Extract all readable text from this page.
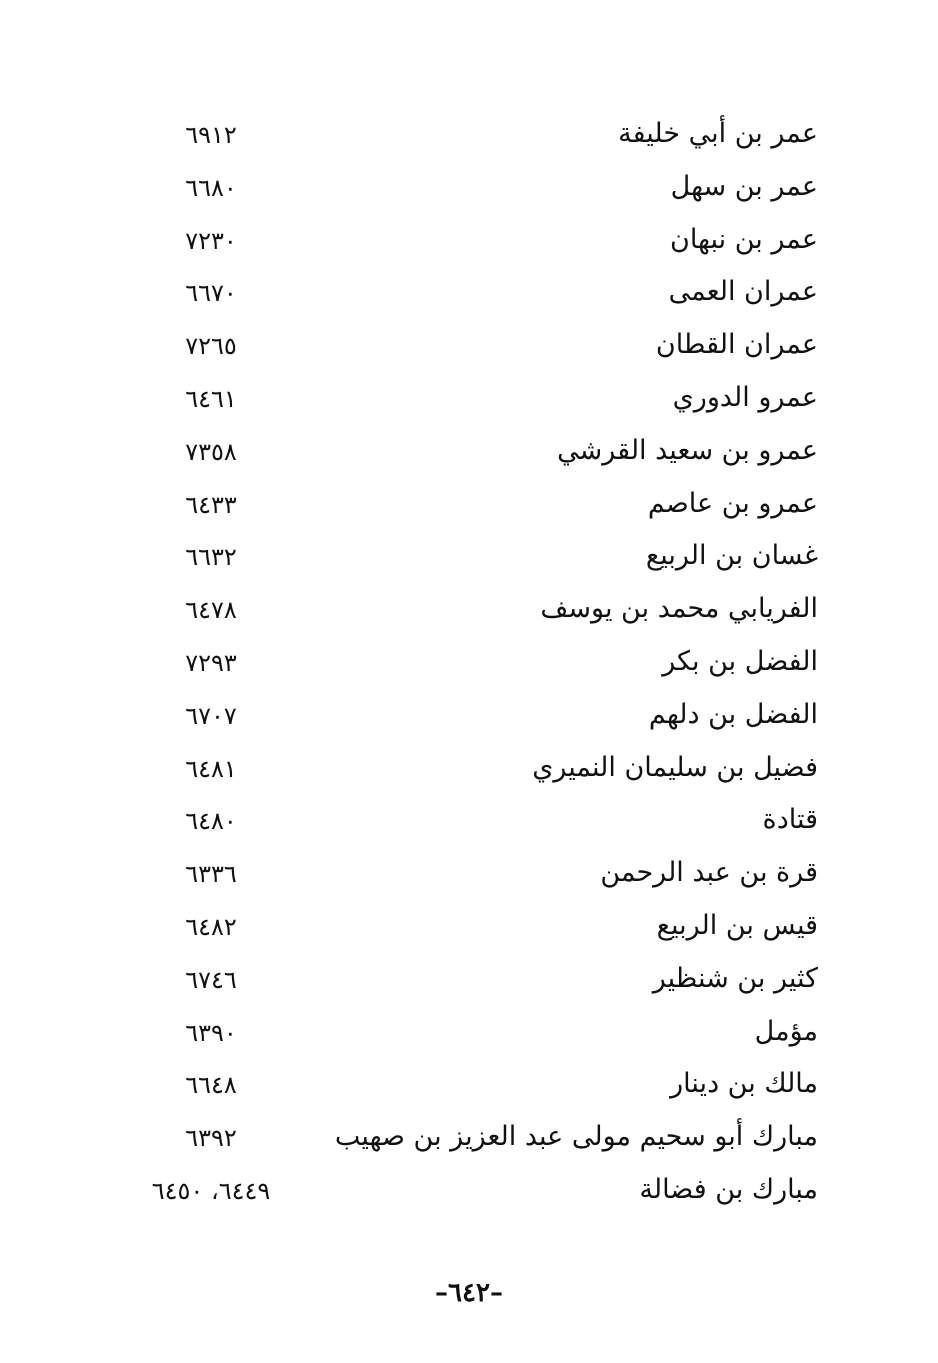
عمر بن أبي خليفة
٦٩١٢
عمر بن سهل
٦٦٨٠
عمر بن نبهان
٧٢٣٠
عمران العمى
٦٦٧٠
عمران القطان
٧٢٦٥
عمرو الدوري
٦٤٦١
عمرو بن سعيد القرشي
٧٣٥٨
عمرو بن عاصم
٦٤٣٣
غسان بن الربيع
٦٦٣٢
الفريابي محمد بن يوسف
٦٤٧٨
الفضل بن بكر
٧٢٩٣
الفضل بن دلهم
٦٧٠٧
فضيل بن سليمان النميري
٦٤٨١
قتادة
٦٤٨٠
قرة بن عبد الرحمن
٦٣٣٦
قيس بن الربيع
٦٤٨٢
كثير بن شنظير
٦٧٤٦
مؤمل
٦٣٩٠
مالك بن دينار
٦٦٤٨
مبارك أبو سحيم مولى عبد العزيز بن صهيب
٦٣٩٢
مبارك بن فضالة
٦٤٤٩، ٦٤٥٠
–٦٤٢–
